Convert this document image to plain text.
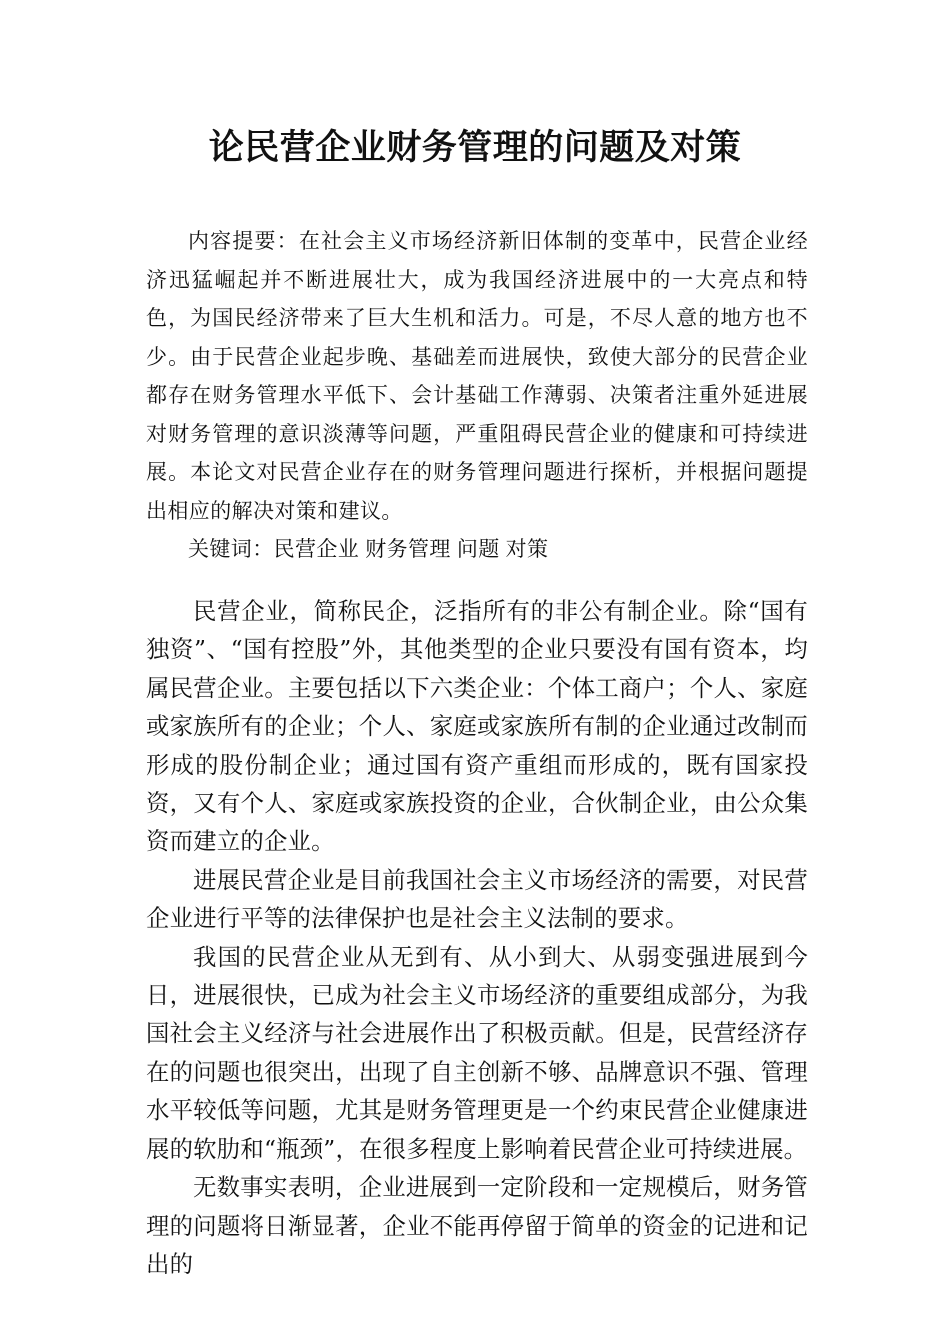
论民营企业财务管理的问题及对策

内容提要：在社会主义市场经济新旧体制的变革中，民营企业经济迅猛崛起并不断进展壮大，成为我国经济进展中的一大亮点和特色，为国民经济带来了巨大生机和活力。可是，不尽人意的地方也不少。由于民营企业起步晚、基础差而进展快，致使大部分的民营企业都存在财务管理水平低下、会计基础工作薄弱、决策者注重外延进展对财务管理的意识淡薄等问题，严重阻碍民营企业的健康和可持续进展。本论文对民营企业存在的财务管理问题进行探析，并根据问题提出相应的解决对策和建议。

关键词：民营企业 财务管理 问题 对策

民营企业，简称民企，泛指所有的非公有制企业。除“国有独资”、“国有控股”外，其他类型的企业只要没有国有资本，均属民营企业。主要包括以下六类企业：个体工商户；个人、家庭或家族所有的企业；个人、家庭或家族所有制的企业通过改制而形成的股份制企业；通过国有资产重组而形成的，既有国家投资，又有个人、家庭或家族投资的企业，合伙制企业，由公众集资而建立的企业。

进展民营企业是目前我国社会主义市场经济的需要，对民营企业进行平等的法律保护也是社会主义法制的要求。

我国的民营企业从无到有、从小到大、从弱变强进展到今日，进展很快，已成为社会主义市场经济的重要组成部分，为我国社会主义经济与社会进展作出了积极贡献。但是，民营经济存在的问题也很突出，出现了自主创新不够、品牌意识不强、管理水平较低等问题，尤其是财务管理更是一个约束民营企业健康进展的软肋和“瓶颈”，在很多程度上影响着民营企业可持续进展。

无数事实表明，企业进展到一定阶段和一定规模后，财务管理的问题将日渐显著，企业不能再停留于简单的资金的记进和记出的
